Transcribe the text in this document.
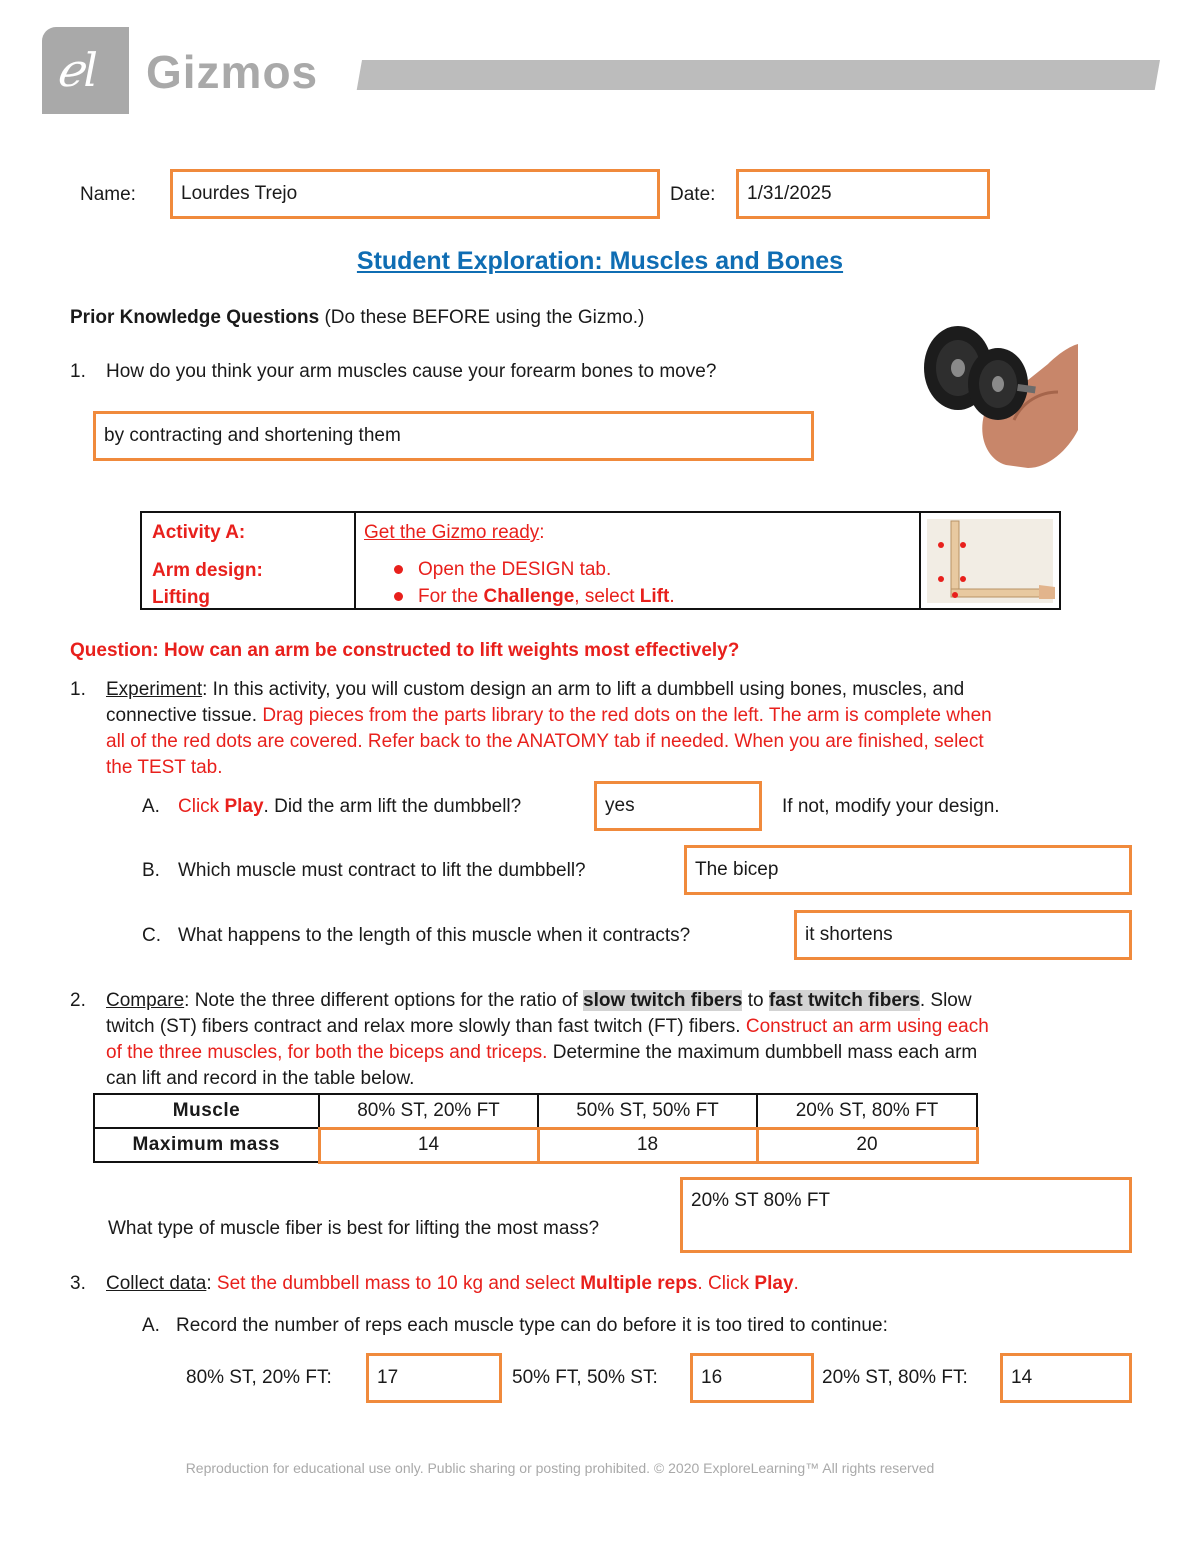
ℯl Gizmos
Name:	Lourdes Trejo	Date:	1/31/2025
Student Exploration: Muscles and Bones
Prior Knowledge Questions (Do these BEFORE using the Gizmo.)
1. How do you think your arm muscles cause your forearm bones to move?
by contracting and shortening them
Activity A:
Arm design:
Lifting
Get the Gizmo ready:
Open the DESIGN tab.
For the Challenge, select Lift.
Question: How can an arm be constructed to lift weights most effectively?
1. Experiment: In this activity, you will custom design an arm to lift a dumbbell using bones, muscles, and
connective tissue. Drag pieces from the parts library to the red dots on the left. The arm is complete when
all of the red dots are covered. Refer back to the ANATOMY tab if needed. When you are finished, select
the TEST tab.
A. Click Play. Did the arm lift the dumbbell?	yes	If not, modify your design.
B. Which muscle must contract to lift the dumbbell?	The bicep
C. What happens to the length of this muscle when it contracts?	it shortens
2. Compare: Note the three different options for the ratio of slow twitch fibers to fast twitch fibers. Slow
twitch (ST) fibers contract and relax more slowly than fast twitch (FT) fibers. Construct an arm using each
of the three muscles, for both the biceps and triceps. Determine the maximum dumbbell mass each arm
can lift and record in the table below.
Muscle	80% ST, 20% FT	50% ST, 50% FT	20% ST, 80% FT
Maximum mass	14	18	20
What type of muscle fiber is best for lifting the most mass?
20% ST 80% FT
3. Collect data: Set the dumbbell mass to 10 kg and select Multiple reps. Click Play.
A. Record the number of reps each muscle type can do before it is too tired to continue:
80% ST, 20% FT:	17	50% FT, 50% ST:	16	20% ST, 80% FT:	14
Reproduction for educational use only. Public sharing or posting prohibited. © 2020 ExploreLearning™ All rights reserved
